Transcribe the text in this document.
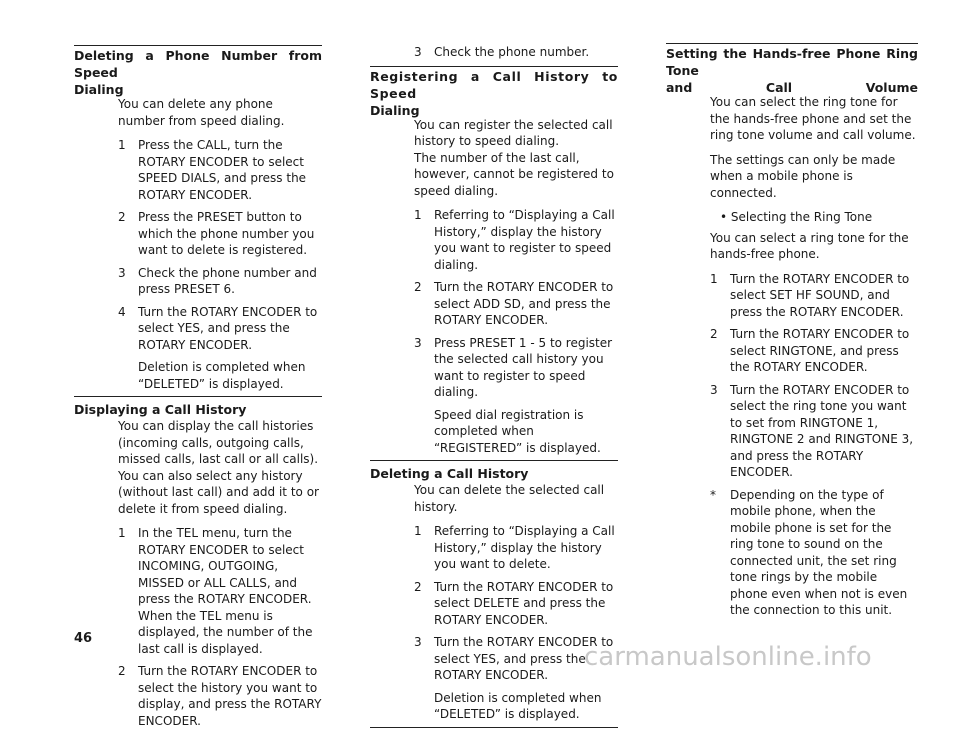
Deleting a Phone Number from Speed
Dialing
You can delete any phone number from speed dialing.
1 Press the CALL, turn the ROTARY ENCODER to select SPEED DIALS, and press the ROTARY ENCODER.
2 Press the PRESET button to which the phone number you want to delete is registered.
3 Check the phone number and press PRESET 6.
4 Turn the ROTARY ENCODER to select YES, and press the ROTARY ENCODER.
Deletion is completed when “DELETED” is displayed.
Displaying a Call History
You can display the call histories (incoming calls, outgoing calls, missed calls, last call or all calls).
You can also select any history (without last call) and add it to or delete it from speed dialing.
1 In the TEL menu, turn the ROTARY ENCODER to select INCOMING, OUTGOING, MISSED or ALL CALLS, and press the ROTARY ENCODER. When the TEL menu is displayed, the number of the last call is displayed.
2 Turn the ROTARY ENCODER to select the history you want to display, and press the ROTARY ENCODER.
3 Check the phone number.
Registering a Call History to Speed
Dialing
You can register the selected call history to speed dialing.
The number of the last call, however, cannot be registered to speed dialing.
1 Referring to “Displaying a Call History,” display the history you want to register to speed dialing.
2 Turn the ROTARY ENCODER to select ADD SD, and press the ROTARY ENCODER.
3 Press PRESET 1 - 5 to register the selected call history you want to register to speed dialing.
Speed dial registration is completed when “REGISTERED” is displayed.
Deleting a Call History
You can delete the selected call history.
1 Referring to “Displaying a Call History,” display the history you want to delete.
2 Turn the ROTARY ENCODER to select DELETE and press the ROTARY ENCODER.
3 Turn the ROTARY ENCODER to select YES, and press the ROTARY ENCODER.
Deletion is completed when “DELETED” is displayed.
Setting the Hands-free Phone Ring Tone
and Call Volume
You can select the ring tone for the hands-free phone and set the ring tone volume and call volume.
The settings can only be made when a mobile phone is connected.
• Selecting the Ring Tone
You can select a ring tone for the hands-free phone.
1 Turn the ROTARY ENCODER to select SET HF SOUND, and press the ROTARY ENCODER.
2 Turn the ROTARY ENCODER to select RINGTONE, and press the ROTARY ENCODER.
3 Turn the ROTARY ENCODER to select the ring tone you want to set from RINGTONE 1, RINGTONE 2 and RINGTONE 3, and press the ROTARY ENCODER.
* Depending on the type of mobile phone, when the mobile phone is set for the ring tone to sound on the connected unit, the set ring tone rings by the mobile phone even when not is even the connection to this unit.
46
carmanualsonline.info
